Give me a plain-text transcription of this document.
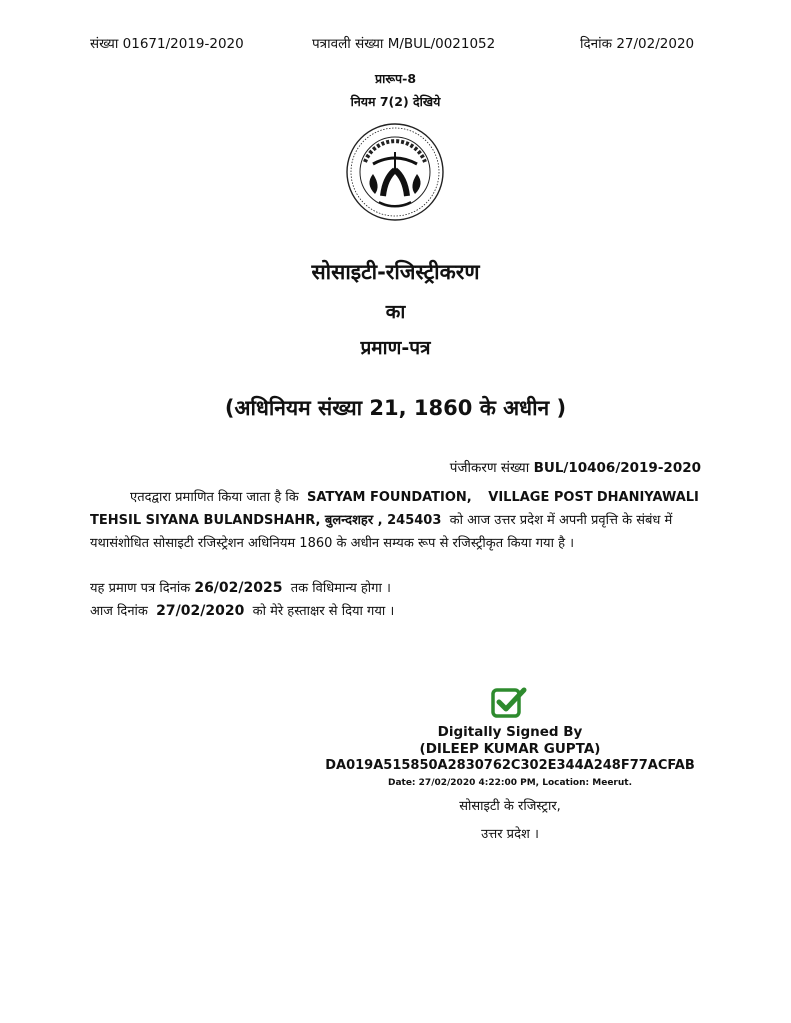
संख्या 01671/2019-2020	पत्रावली संख्या M/BUL/0021052	दिनांक 27/02/2020
प्रारूप-8
नियम 7(2) देखिये
सोसाइटी-रजिस्ट्रीकरण
का
प्रमाण-पत्र
(अधिनियम संख्या 21, 1860 के अधीन )
पंजीकरण संख्या BUL/10406/2019-2020
एतदद्वारा प्रमाणित किया जाता है कि SATYAM FOUNDATION, VILLAGE POST DHANIYAWALI TEHSIL SIYANA BULANDSHAHR, बुलन्दशहर , 245403 को आज उत्तर प्रदेश में अपनी प्रवृत्ति के संबंध में यथासंशोधित सोसाइटी रजिस्ट्रेशन अधिनियम 1860 के अधीन सम्यक रूप से रजिस्ट्रीकृत किया गया है ।
यह प्रमाण पत्र दिनांक 26/02/2025 तक विधिमान्य होगा ।
आज दिनांक 27/02/2020 को मेरे हस्ताक्षर से दिया गया ।
Digitally Signed By
(DILEEP KUMAR GUPTA)
DA019A515850A2830762C302E344A248F77ACFAB
Date: 27/02/2020 4:22:00 PM, Location: Meerut.
सोसाइटी के रजिस्ट्रार,
उत्तर प्रदेश ।
